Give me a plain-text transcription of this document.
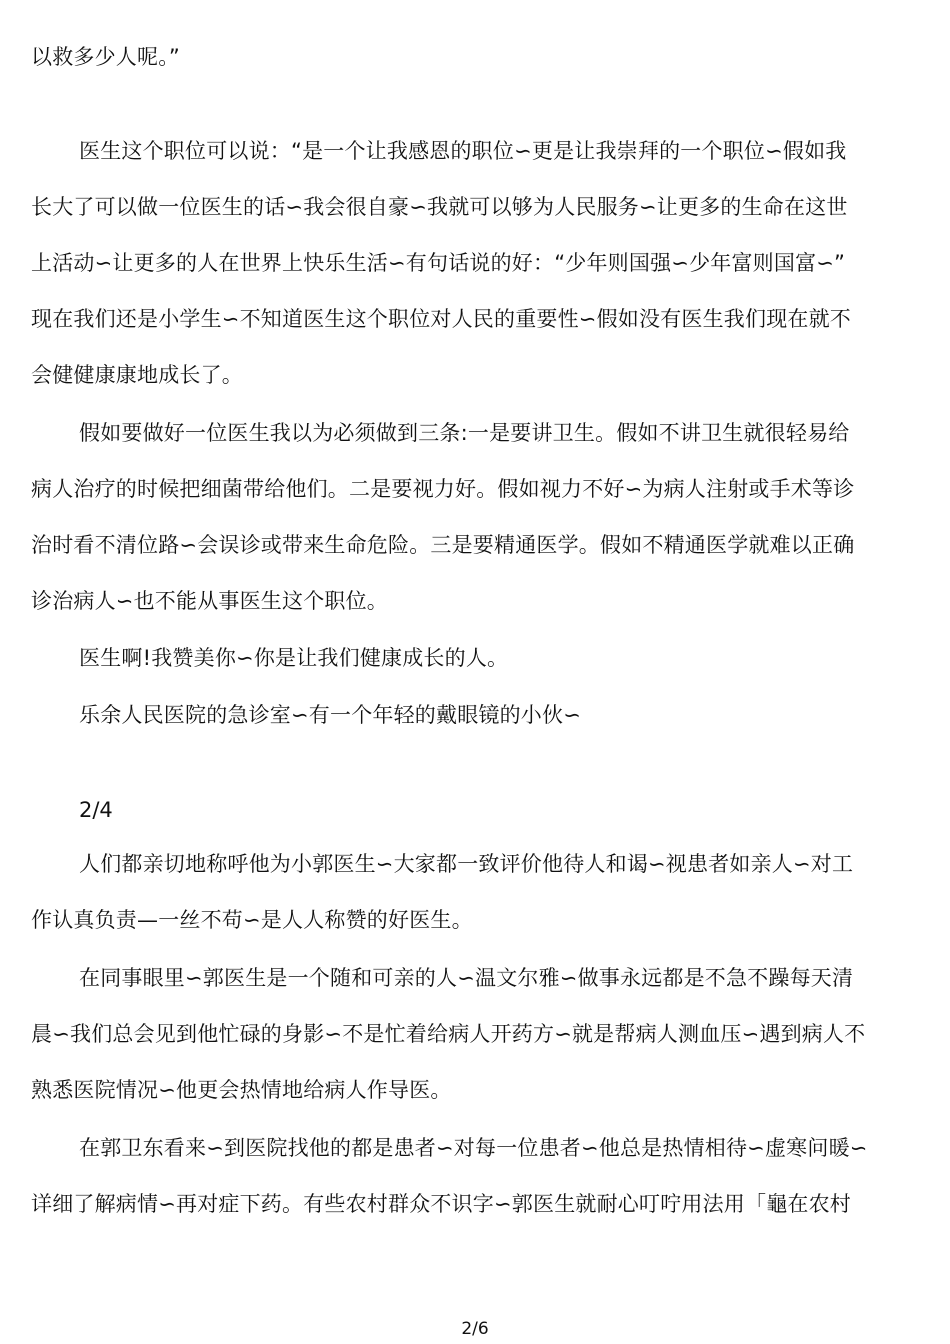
以救多少人呢。”
医生这个职位可以说：“是一个让我感恩的职位∽更是让我崇拜的一个职位∽假如我
长大了可以做一位医生的话∽我会很自豪∽我就可以够为人民服务∽让更多的生命在这世
上活动∽让更多的人在世界上快乐生活∽有句话说的好：“少年则国强∽少年富则国富∽”
现在我们还是小学生∽不知道医生这个职位对人民的重要性∽假如没有医生我们现在就不
会健健康康地成长了。
假如要做好一位医生我以为必须做到三条:一是要讲卫生。假如不讲卫生就很轻易给
病人治疗的时候把细菌带给他们。二是要视力好。假如视力不好∽为病人注射或手术等诊
治时看不清位路∽会误诊或带来生命危险。三是要精通医学。假如不精通医学就难以正确
诊治病人∽也不能从事医生这个职位。
医生啊!我赞美你∽你是让我们健康成长的人。
乐余人民医院的急诊室∽有一个年轻的戴眼镜的小伙∽
2/4
人们都亲切地称呼他为小郭医生∽大家都一致评价他待人和谒∽视患者如亲人∽对工
作认真负责—一丝不苟∽是人人称赞的好医生。
在同事眼里∽郭医生是一个随和可亲的人∽温文尔雅∽做事永远都是不急不躁每天清
晨∽我们总会见到他忙碌的身影∽不是忙着给病人开药方∽就是帮病人测血压∽遇到病人不
熟悉医院情况∽他更会热情地给病人作导医。
在郭卫东看来∽到医院找他的都是患者∽对每一位患者∽他总是热情相待∽虚寒问暖∽
详细了解病情∽再对症下药。有些农村群众不识字∽郭医生就耐心叮咛用法用「龜在农村
2/6
